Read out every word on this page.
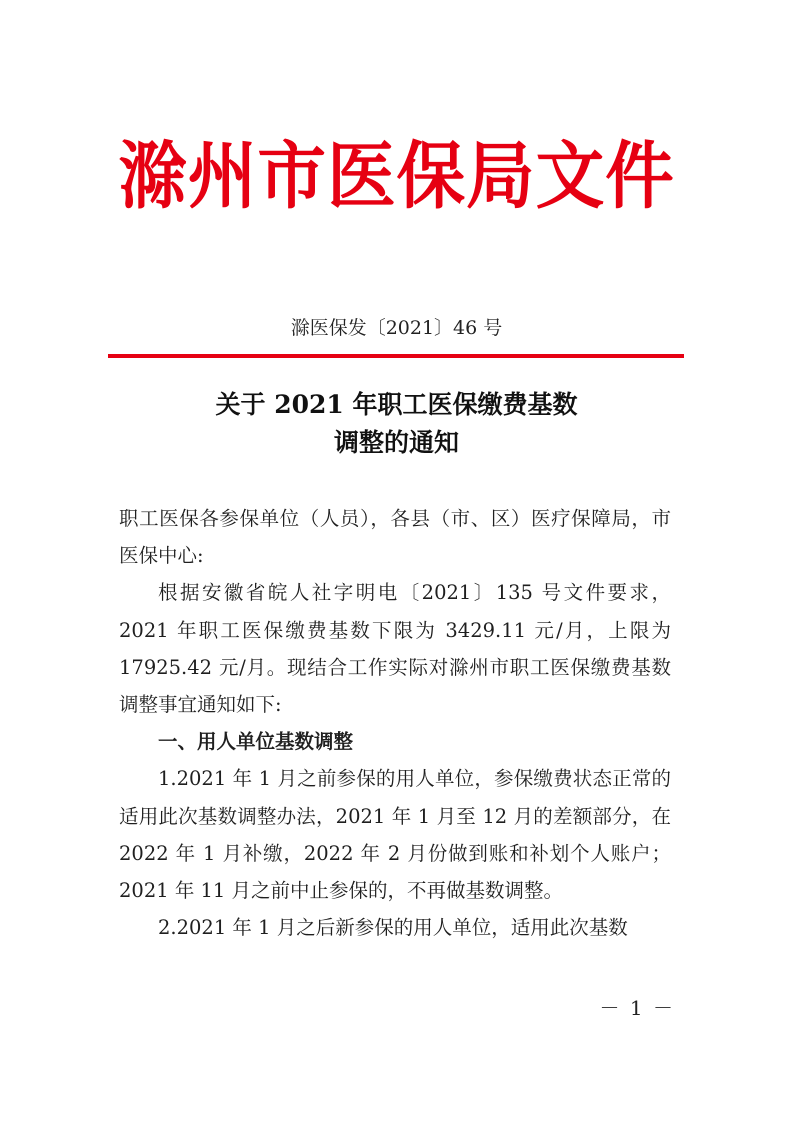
滁州市医保局文件
滁医保发〔2021〕46 号
关于 2021 年职工医保缴费基数
调整的通知

职工医保各参保单位（人员），各县（市、区）医疗保障局，市医保中心:

根据安徽省皖人社字明电〔2021〕135 号文件要求，2021 年职工医保缴费基数下限为 3429.11 元/月，上限为 17925.42 元/月。现结合工作实际对滁州市职工医保缴费基数调整事宜通知如下:

一、用人单位基数调整

1.2021 年 1 月之前参保的用人单位，参保缴费状态正常的适用此次基数调整办法，2021 年 1 月至 12 月的差额部分，在 2022 年 1 月补缴，2022 年 2 月份做到账和补划个人账户；2021 年 11 月之前中止参保的，不再做基数调整。

2.2021 年 1 月之后新参保的用人单位，适用此次基数

－ 1 －
